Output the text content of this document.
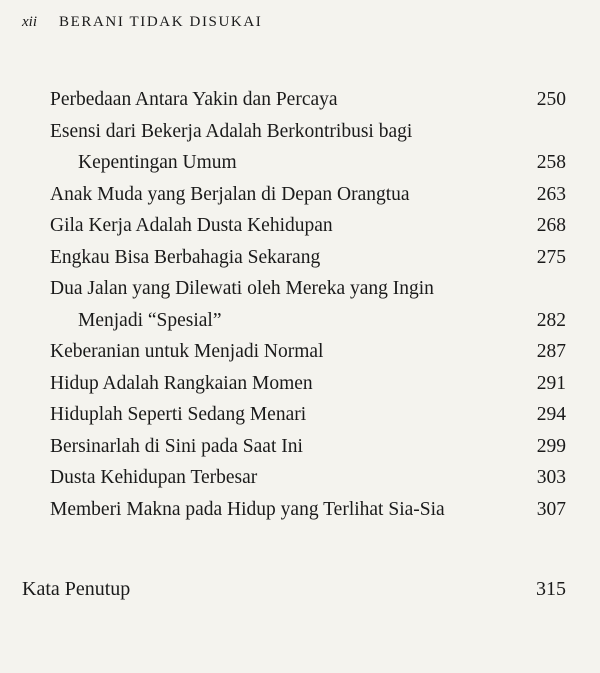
xii BERANI TIDAK DISUKAI
Perbedaan Antara Yakin dan Percaya	250
Esensi dari Bekerja Adalah Berkontribusi bagi
Kepentingan Umum	258
Anak Muda yang Berjalan di Depan Orangtua	263
Gila Kerja Adalah Dusta Kehidupan	268
Engkau Bisa Berbahagia Sekarang	275
Dua Jalan yang Dilewati oleh Mereka yang Ingin
Menjadi “Spesial”	282
Keberanian untuk Menjadi Normal	287
Hidup Adalah Rangkaian Momen	291
Hiduplah Seperti Sedang Menari	294
Bersinarlah di Sini pada Saat Ini	299
Dusta Kehidupan Terbesar	303
Memberi Makna pada Hidup yang Terlihat Sia-Sia	307
Kata Penutup	315
